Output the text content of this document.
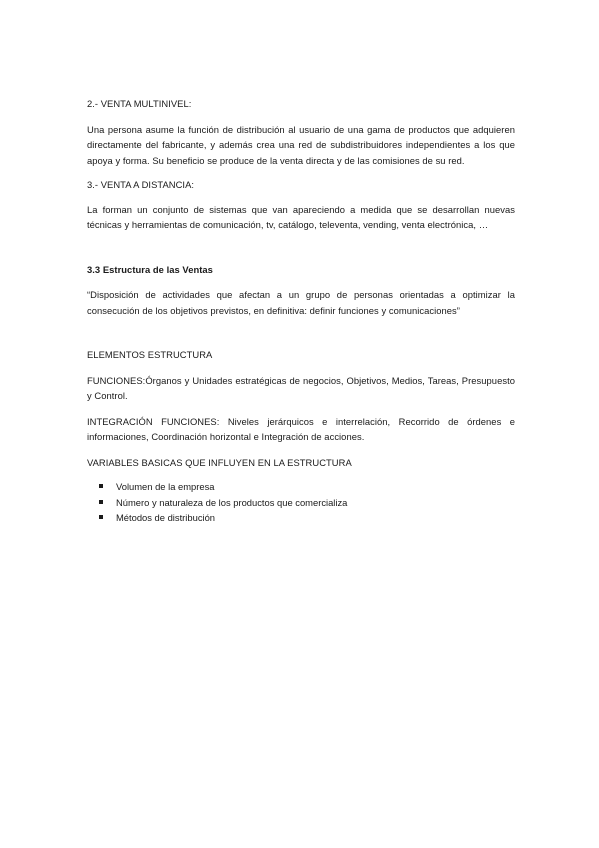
2.- VENTA MULTINIVEL:

Una persona asume la función de distribución al usuario de una gama de productos que adquieren directamente del fabricante, y además crea una red de subdistribuidores independientes a los que apoya y forma. Su beneficio se produce de la venta directa y de las comisiones de su red.

3.- VENTA A DISTANCIA:

La forman un conjunto de sistemas que van apareciendo a medida que se desarrollan nuevas técnicas y herramientas de comunicación, tv, catálogo, televenta, vending, venta electrónica, …

3.3 Estructura de las Ventas

“Disposición de actividades que afectan a un grupo de personas orientadas a optimizar la consecución de los objetivos previstos, en definitiva: definir funciones y comunicaciones”

ELEMENTOS ESTRUCTURA

FUNCIONES:Órganos y Unidades estratégicas de negocios, Objetivos, Medios, Tareas, Presupuesto y Control.

INTEGRACIÓN FUNCIONES: Niveles jerárquicos e interrelación, Recorrido de órdenes e informaciones, Coordinación horizontal e Integración de acciones.

VARIABLES BASICAS QUE INFLUYEN EN LA ESTRUCTURA

Volumen de la empresa
Número y naturaleza de los productos que comercializa
Métodos de distribución
